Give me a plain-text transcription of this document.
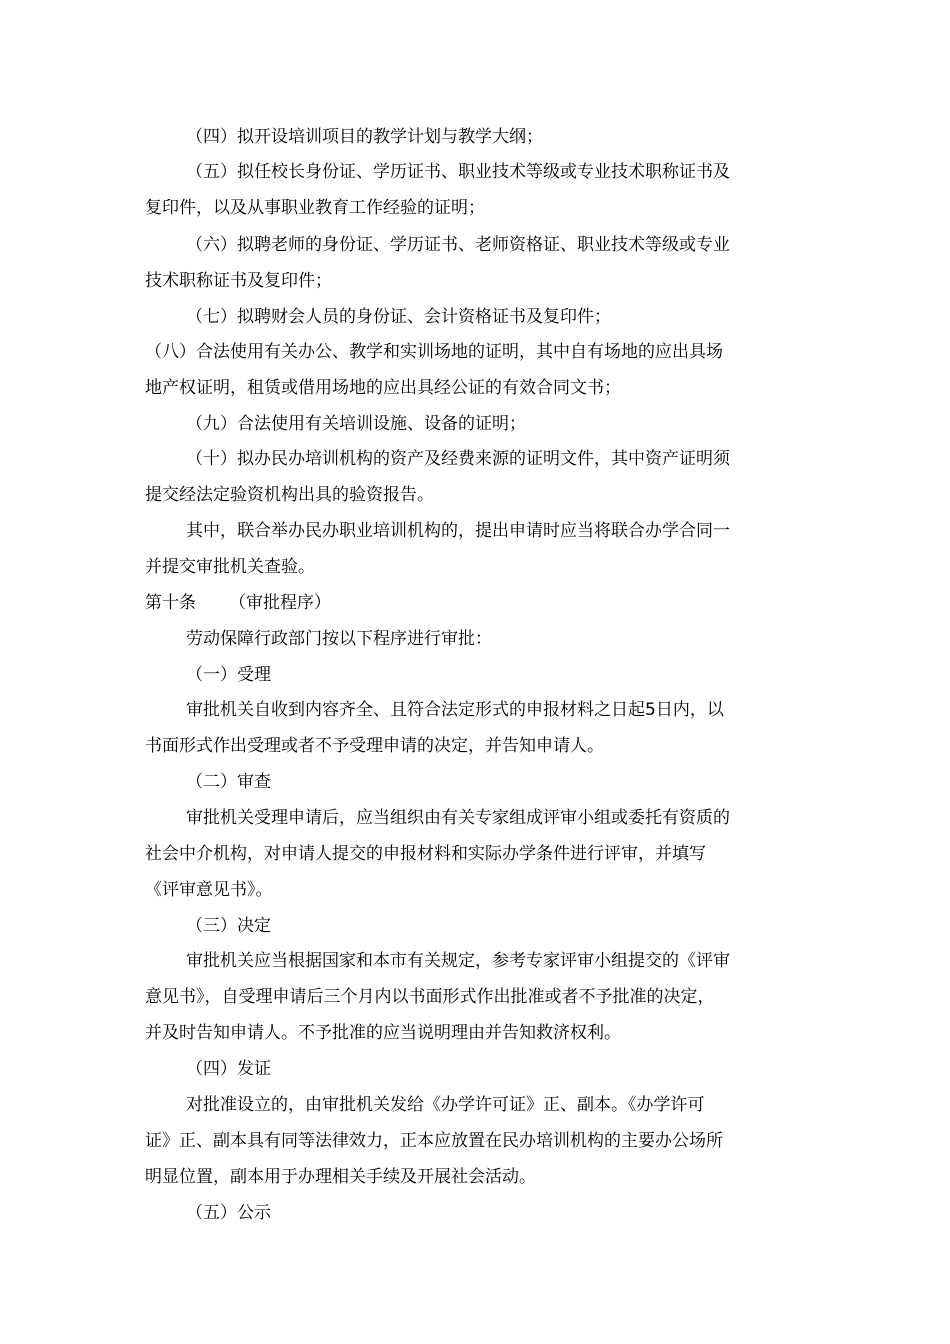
（四）拟开设培训项目的教学计划与教学大纲；
（五）拟任校长身份证、学历证书、职业技术等级或专业技术职称证书及
复印件，以及从事职业教育工作经验的证明；
（六）拟聘老师的身份证、学历证书、老师资格证、职业技术等级或专业
技术职称证书及复印件；
（七）拟聘财会人员的身份证、会计资格证书及复印件；
（八）合法使用有关办公、教学和实训场地的证明，其中自有场地的应出具场
地产权证明，租赁或借用场地的应出具经公证的有效合同文书；
（九）合法使用有关培训设施、设备的证明；
（十）拟办民办培训机构的资产及经费来源的证明文件，其中资产证明须
提交经法定验资机构出具的验资报告。
其中，联合举办民办职业培训机构的，提出申请时应当将联合办学合同一
并提交审批机关查验。
第十条 （审批程序）
劳动保障行政部门按以下程序进行审批：
（一）受理
审批机关自收到内容齐全、且符合法定形式的申报材料之日起5日内，以
书面形式作出受理或者不予受理申请的决定，并告知申请人。
（二）审查
审批机关受理申请后，应当组织由有关专家组成评审小组或委托有资质的
社会中介机构，对申请人提交的申报材料和实际办学条件进行评审，并填写
《评审意见书》。
（三）决定
审批机关应当根据国家和本市有关规定，参考专家评审小组提交的《评审
意见书》，自受理申请后三个月内以书面形式作出批准或者不予批准的决定，
并及时告知申请人。不予批准的应当说明理由并告知救济权利。
（四）发证
对批准设立的，由审批机关发给《办学许可证》正、副本。《办学许可
证》正、副本具有同等法律效力，正本应放置在民办培训机构的主要办公场所
明显位置，副本用于办理相关手续及开展社会活动。
（五）公示
